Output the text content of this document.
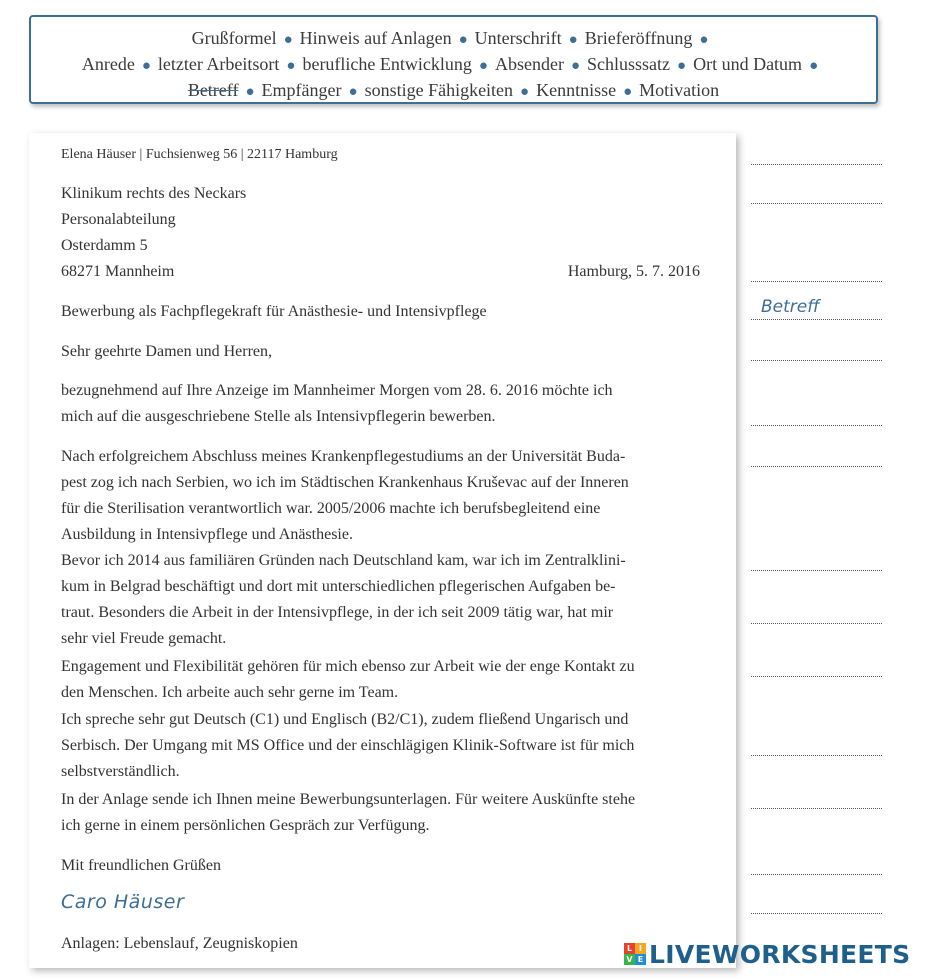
Grußformel ● Hinweis auf Anlagen ● Unterschrift ● Brieferöffnung ●
Anrede ● letzter Arbeitsort ● berufliche Entwicklung ● Absender ● Schlusssatz ● Ort und Datum ●
Betreff ● Empfänger ● sonstige Fähigkeiten ● Kenntnisse ● Motivation
Elena Häuser | Fuchsienweg 56 | 22117 Hamburg
Klinikum rechts des Neckars
Personalabteilung
Osterdamm 5
68271 Mannheim	Hamburg, 5. 7. 2016
Bewerbung als Fachpflegekraft für Anästhesie- und Intensivpflege
Sehr geehrte Damen und Herren,
bezugnehmend auf Ihre Anzeige im Mannheimer Morgen vom 28. 6. 2016 möchte ich
mich auf die ausgeschriebene Stelle als Intensivpflegerin bewerben.
Nach erfolgreichem Abschluss meines Krankenpflegestudiums an der Universität Buda-
pest zog ich nach Serbien, wo ich im Städtischen Krankenhaus Kruševac auf der Inneren
für die Sterilisation verantwortlich war. 2005/2006 machte ich berufsbegleitend eine
Ausbildung in Intensivpflege und Anästhesie.
Bevor ich 2014 aus familiären Gründen nach Deutschland kam, war ich im Zentralklini-
kum in Belgrad beschäftigt und dort mit unterschiedlichen pflegerischen Aufgaben be-
traut. Besonders die Arbeit in der Intensivpflege, in der ich seit 2009 tätig war, hat mir
sehr viel Freude gemacht.
Engagement und Flexibilität gehören für mich ebenso zur Arbeit wie der enge Kontakt zu
den Menschen. Ich arbeite auch sehr gerne im Team.
Ich spreche sehr gut Deutsch (C1) und Englisch (B2/C1), zudem fließend Ungarisch und
Serbisch. Der Umgang mit MS Office und der einschlägigen Klinik-Software ist für mich
selbstverständlich.
In der Anlage sende ich Ihnen meine Bewerbungsunterlagen. Für weitere Auskünfte stehe
ich gerne in einem persönlichen Gespräch zur Verfügung.
Mit freundlichen Grüßen
Caro Häuser
Anlagen: Lebenslauf, Zeugniskopien
Betreff
L I
V E LIVEWORKSHEETS
